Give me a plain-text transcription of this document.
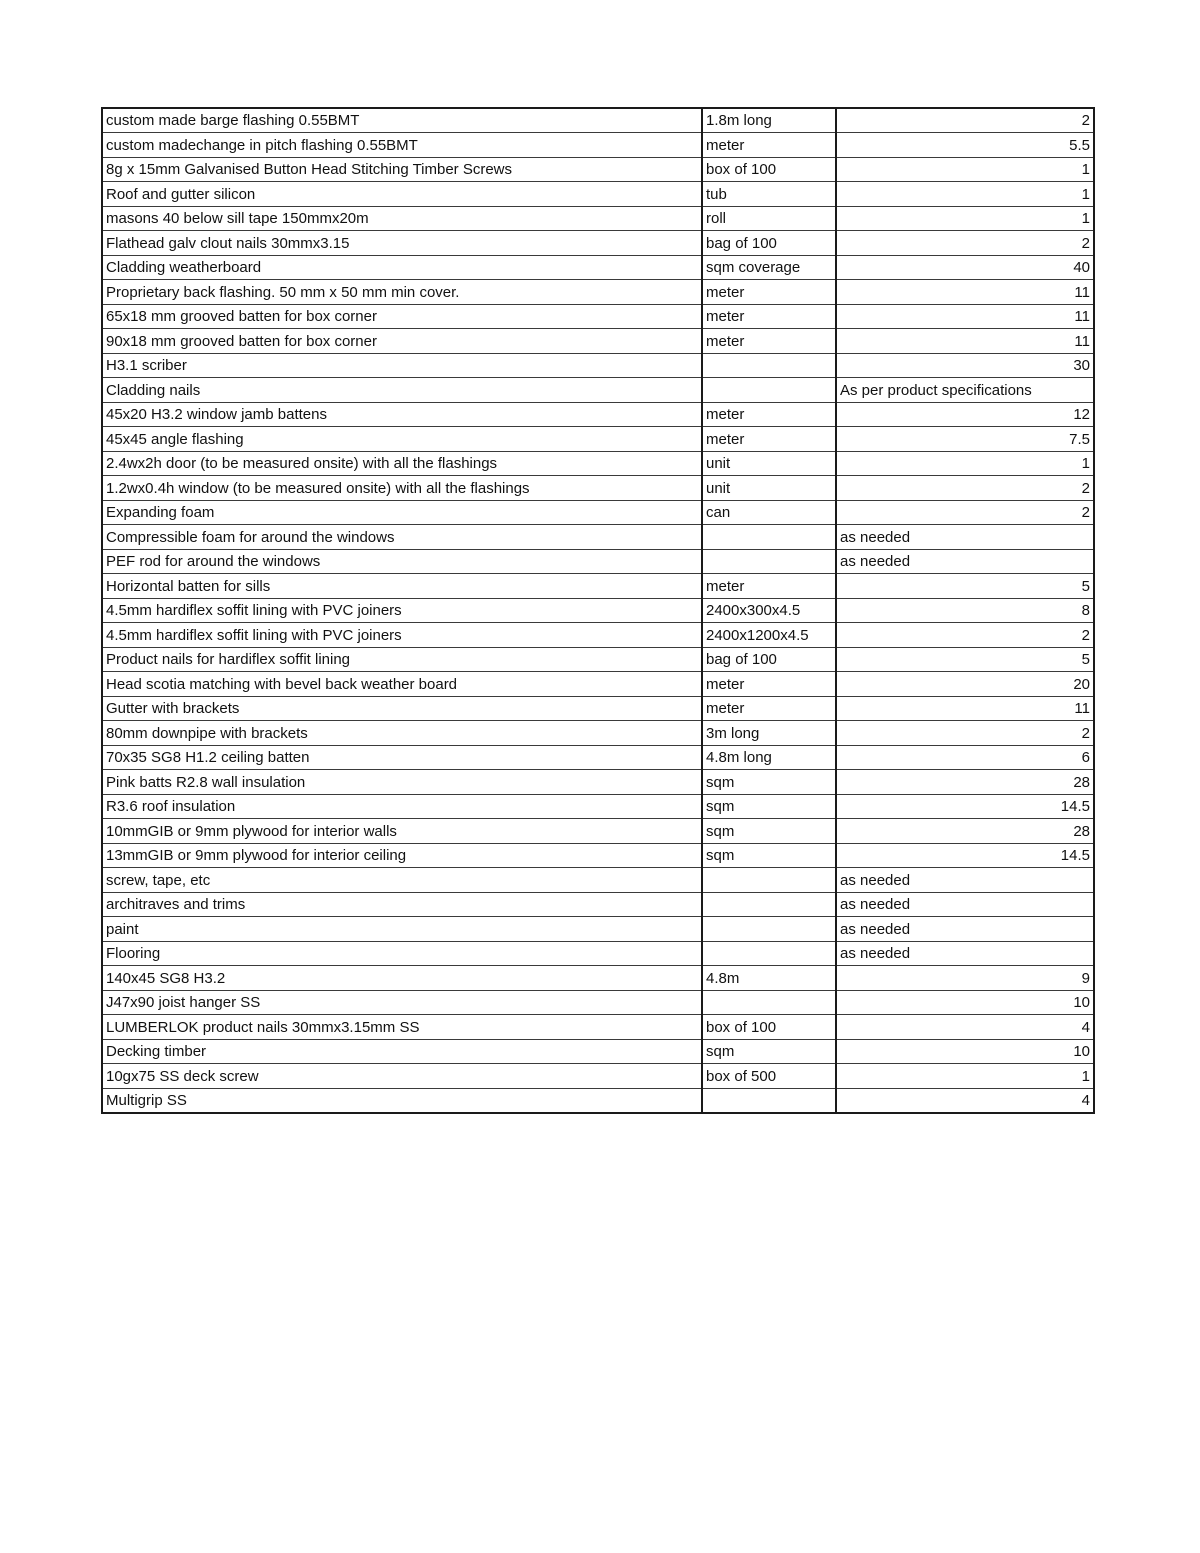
custom made barge flashing 0.55BMT	1.8m long	2
custom madechange in pitch flashing 0.55BMT	meter	5.5
8g x 15mm Galvanised Button Head Stitching Timber Screws	box of 100	1
Roof and gutter silicon	tub	1
masons 40 below sill tape 150mmx20m	roll	1
Flathead galv clout nails 30mmx3.15	bag of 100	2
Cladding weatherboard	sqm coverage	40
Proprietary back flashing. 50 mm x 50 mm min cover.	meter	11
65x18 mm grooved batten for box corner	meter	11
90x18 mm grooved batten for box corner	meter	11
H3.1 scriber		30
Cladding nails		As per product specifications
45x20 H3.2 window jamb battens	meter	12
45x45 angle flashing	meter	7.5
2.4wx2h door (to be measured onsite) with all the flashings	unit	1
1.2wx0.4h window (to be measured onsite) with all the flashings	unit	2
Expanding foam	can	2
Compressible foam for around the windows		as needed
PEF rod for around the windows		as needed
Horizontal batten for sills	meter	5
4.5mm hardiflex soffit lining with PVC joiners	2400x300x4.5	8
4.5mm hardiflex soffit lining with PVC joiners	2400x1200x4.5	2
Product nails for hardiflex soffit lining	bag of 100	5
Head scotia matching with bevel back weather board	meter	20
Gutter with brackets	meter	11
80mm downpipe with brackets	3m long	2
70x35 SG8 H1.2 ceiling batten	4.8m long	6
Pink batts R2.8 wall insulation	sqm	28
R3.6 roof insulation	sqm	14.5
10mmGIB or 9mm plywood for interior walls	sqm	28
13mmGIB or 9mm plywood for interior ceiling	sqm	14.5
screw, tape, etc		as needed
architraves and trims		as needed
paint		as needed
Flooring		as needed
140x45 SG8 H3.2	4.8m	9
J47x90 joist hanger SS		10
LUMBERLOK product nails 30mmx3.15mm SS	box of 100	4
Decking timber	sqm	10
10gx75 SS deck screw	box of 500	1
Multigrip SS		4
